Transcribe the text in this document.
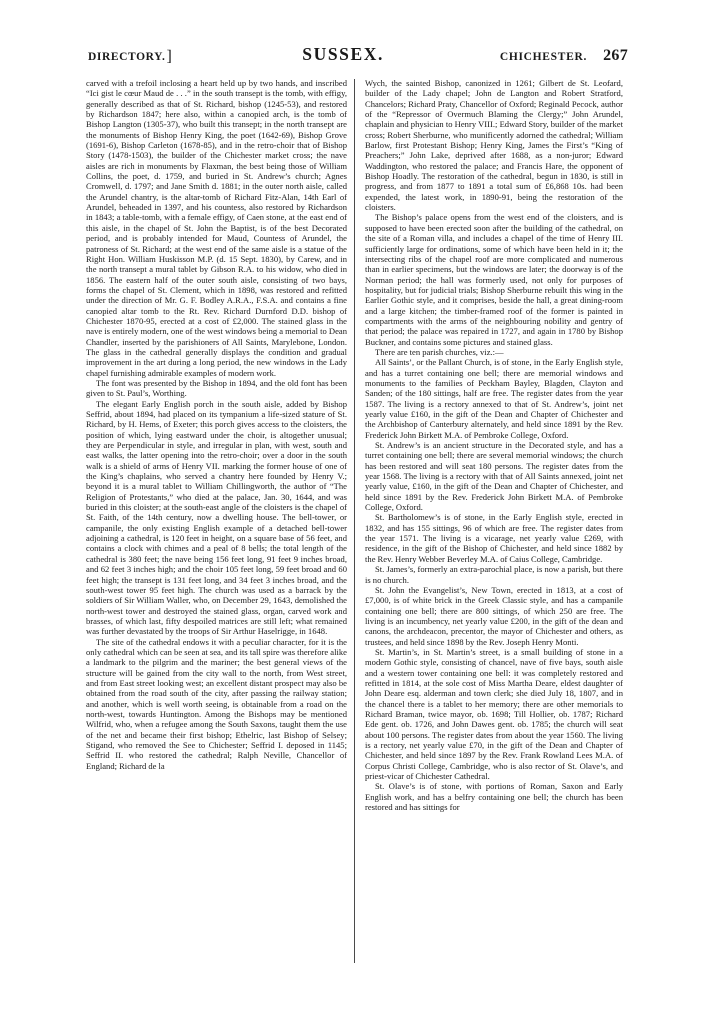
DIRECTORY.]	SUSSEX.	CHICHESTER. 267

carved with a trefoil inclosing a heart held up by two hands, and inscribed “Ici gist le cœur Maud de . . .” in the south transept is the tomb, with effigy, generally described as that of St. Richard, bishop (1245-53), and restored by Richardson 1847; here also, within a canopied arch, is the tomb of Bishop Langton (1305-37), who built this transept; in the north transept are the monuments of Bishop Henry King, the poet (1642-69), Bishop Grove (1691-6), Bishop Carleton (1678-85), and in the retro-choir that of Bishop Story (1478-1503), the builder of the Chichester market cross; the nave aisles are rich in monuments by Flaxman, the best being those of William Collins, the poet, d. 1759, and buried in St. Andrew’s church; Agnes Cromwell, d. 1797; and Jane Smith d. 1881; in the outer north aisle, called the Arundel chantry, is the altar-tomb of Richard Fitz-Alan, 14th Earl of Arundel, beheaded in 1397, and his countess, also restored by Richardson in 1843; a table-tomb, with a female effigy, of Caen stone, at the east end of this aisle, in the chapel of St. John the Baptist, is of the best Decorated period, and is probably intended for Maud, Countess of Arundel, the patroness of St. Richard; at the west end of the same aisle is a statue of the Right Hon. William Huskisson M.P. (d. 15 Sept. 1830), by Carew, and in the north transept a mural tablet by Gibson R.A. to his widow, who died in 1856. The eastern half of the outer south aisle, consisting of two bays, forms the chapel of St. Clement, which in 1898, was restored and refitted under the direction of Mr. G. F. Bodley A.R.A., F.S.A. and contains a fine canopied altar tomb to the Rt. Rev. Richard Durnford D.D. bishop of Chichester 1870-95, erected at a cost of £2,000. The stained glass in the nave is entirely modern, one of the west windows being a memorial to Dean Chandler, inserted by the parishioners of All Saints, Marylebone, London. The glass in the cathedral generally displays the condition and gradual improvement in the art during a long period, the new windows in the Lady chapel furnishing admirable examples of modern work.

The font was presented by the Bishop in 1894, and the old font has been given to St. Paul’s, Worthing.

The elegant Early English porch in the south aisle, added by Bishop Seffrid, about 1894, had placed on its tympanium a life-sized stature of St. Richard, by H. Hems, of Exeter; this porch gives access to the cloisters, the position of which, lying eastward under the choir, is altogether unusual; they are Perpendicular in style, and irregular in plan, with west, south and east walks, the latter opening into the retro-choir; over a door in the south walk is a shield of arms of Henry VII. marking the former house of one of the King’s chaplains, who served a chantry here founded by Henry V.; beyond it is a mural tablet to William Chillingworth, the author of “The Religion of Protestants,” who died at the palace, Jan. 30, 1644, and was buried in this cloister; at the south-east angle of the cloisters is the chapel of St. Faith, of the 14th century, now a dwelling house. The bell-tower, or campanile, the only existing English example of a detached bell-tower adjoining a cathedral, is 120 feet in height, on a square base of 56 feet, and contains a clock with chimes and a peal of 8 bells; the total length of the cathedral is 380 feet; the nave being 156 feet long, 91 feet 9 inches broad, and 62 feet 3 inches high; and the choir 105 feet long, 59 feet broad and 60 feet high; the transept is 131 feet long, and 34 feet 3 inches broad, and the south-west tower 95 feet high. The church was used as a barrack by the soldiers of Sir William Waller, who, on December 29, 1643, demolished the north-west tower and destroyed the stained glass, organ, carved work and brasses, of which last, fifty despoiled matrices are still left; what remained was further devastated by the troops of Sir Arthur Haselrigge, in 1648.

The site of the cathedral endows it with a peculiar character, for it is the only cathedral which can be seen at sea, and its tall spire was therefore alike a landmark to the pilgrim and the mariner; the best general views of the structure will be gained from the city wall to the north, from West street, and from East street looking west; an excellent distant prospect may also be obtained from the road south of the city, after passing the railway station; and another, which is well worth seeing, is obtainable from a road on the north-west, towards Huntington. Among the Bishops may be mentioned Wilfrid, who, when a refugee among the South Saxons, taught them the use of the net and became their first bishop; Ethelric, last Bishop of Selsey; Stigand, who removed the See to Chichester; Seffrid I. deposed in 1145; Seffrid II. who restored the cathedral; Ralph Neville, Chancellor of England; Richard de la

Wych, the sainted Bishop, canonized in 1261; Gilbert de St. Leofard, builder of the Lady chapel; John de Langton and Robert Stratford, Chancelors; Richard Praty, Chancellor of Oxford; Reginald Pecock, author of the “Repressor of Overmuch Blaming the Clergy;” John Arundel, chaplain and physician to Henry VIII.; Edward Story, builder of the market cross; Robert Sherburne, who munificently adorned the cathedral; William Barlow, first Protestant Bishop; Henry King, James the First’s “King of Preachers;” John Lake, deprived after 1688, as a non-juror; Edward Waddington, who restored the palace; and Francis Hare, the opponent of Bishop Hoadly. The restoration of the cathedral, begun in 1830, is still in progress, and from 1877 to 1891 a total sum of £6,868 10s. had been expended, the latest work, in 1890-91, being the restoration of the cloisters.

The Bishop’s palace opens from the west end of the cloisters, and is supposed to have been erected soon after the building of the cathedral, on the site of a Roman villa, and includes a chapel of the time of Henry III. sufficiently large for ordinations, some of which have been held in it; the intersecting ribs of the chapel roof are more complicated and numerous than in earlier specimens, but the windows are later; the doorway is of the Norman period; the hall was formerly used, not only for purposes of hospitality, but for judicial trials; Bishop Sherburne rebuilt this wing in the Earlier Gothic style, and it comprises, beside the hall, a great dining-room and a large kitchen; the timber-framed roof of the former is painted in compartments with the arms of the neighbouring nobility and gentry of that period; the palace was repaired in 1727, and again in 1780 by Bishop Buckner, and contains some pictures and stained glass.

There are ten parish churches, viz.:—

All Saints’, or the Pallant Church, is of stone, in the Early English style, and has a turret containing one bell; there are memorial windows and monuments to the families of Peckham Bayley, Blagden, Clayton and Sanden; of the 180 sittings, half are free. The register dates from the year 1587. The living is a rectory annexed to that of St. Andrew’s, joint net yearly value £160, in the gift of the Dean and Chapter of Chichester and the Archbishop of Canterbury alternately, and held since 1891 by the Rev. Frederick John Birkett M.A. of Pembroke College, Oxford.

St. Andrew’s is an ancient structure in the Decorated style, and has a turret containing one bell; there are several memorial windows; the church has been restored and will seat 180 persons. The register dates from the year 1568. The living is a rectory with that of All Saints annexed, joint net yearly value, £160, in the gift of the Dean and Chapter of Chichester, and held since 1891 by the Rev. Frederick John Birkett M.A. of Pembroke College, Oxford.

St. Bartholomew’s is of stone, in the Early English style, erected in 1832, and has 155 sittings, 96 of which are free. The register dates from the year 1571. The living is a vicarage, net yearly value £269, with residence, in the gift of the Bishop of Chichester, and held since 1882 by the Rev. Henry Webber Beverley M.A. of Caius College, Cambridge.

St. James’s, formerly an extra-parochial place, is now a parish, but there is no church.

St. John the Evangelist’s, New Town, erected in 1813, at a cost of £7,000, is of white brick in the Greek Classic style, and has a campanile containing one bell; there are 800 sittings, of which 250 are free. The living is an incumbency, net yearly value £200, in the gift of the dean and canons, the archdeacon, precentor, the mayor of Chichester and others, as trustees, and held since 1898 by the Rev. Joseph Henry Monti.

St. Martin’s, in St. Martin’s street, is a small building of stone in a modern Gothic style, consisting of chancel, nave of five bays, south aisle and a western tower containing one bell: it was completely restored and refitted in 1814, at the sole cost of Miss Martha Deare, eldest daughter of John Deare esq. alderman and town clerk; she died July 18, 1807, and in the chancel there is a tablet to her memory; there are other memorials to Richard Braman, twice mayor, ob. 1698; Till Hollier, ob. 1787; Richard Ede gent. ob. 1726, and John Dawes gent. ob. 1785; the church will seat about 100 persons. The register dates from about the year 1560. The living is a rectory, net yearly value £70, in the gift of the Dean and Chapter of Chichester, and held since 1897 by the Rev. Frank Rowland Lees M.A. of Corpus Christi College, Cambridge, who is also rector of St. Olave’s, and priest-vicar of Chichester Cathedral.

St. Olave’s is of stone, with portions of Roman, Saxon and Early English work, and has a belfry containing one bell; the church has been restored and has sittings for
